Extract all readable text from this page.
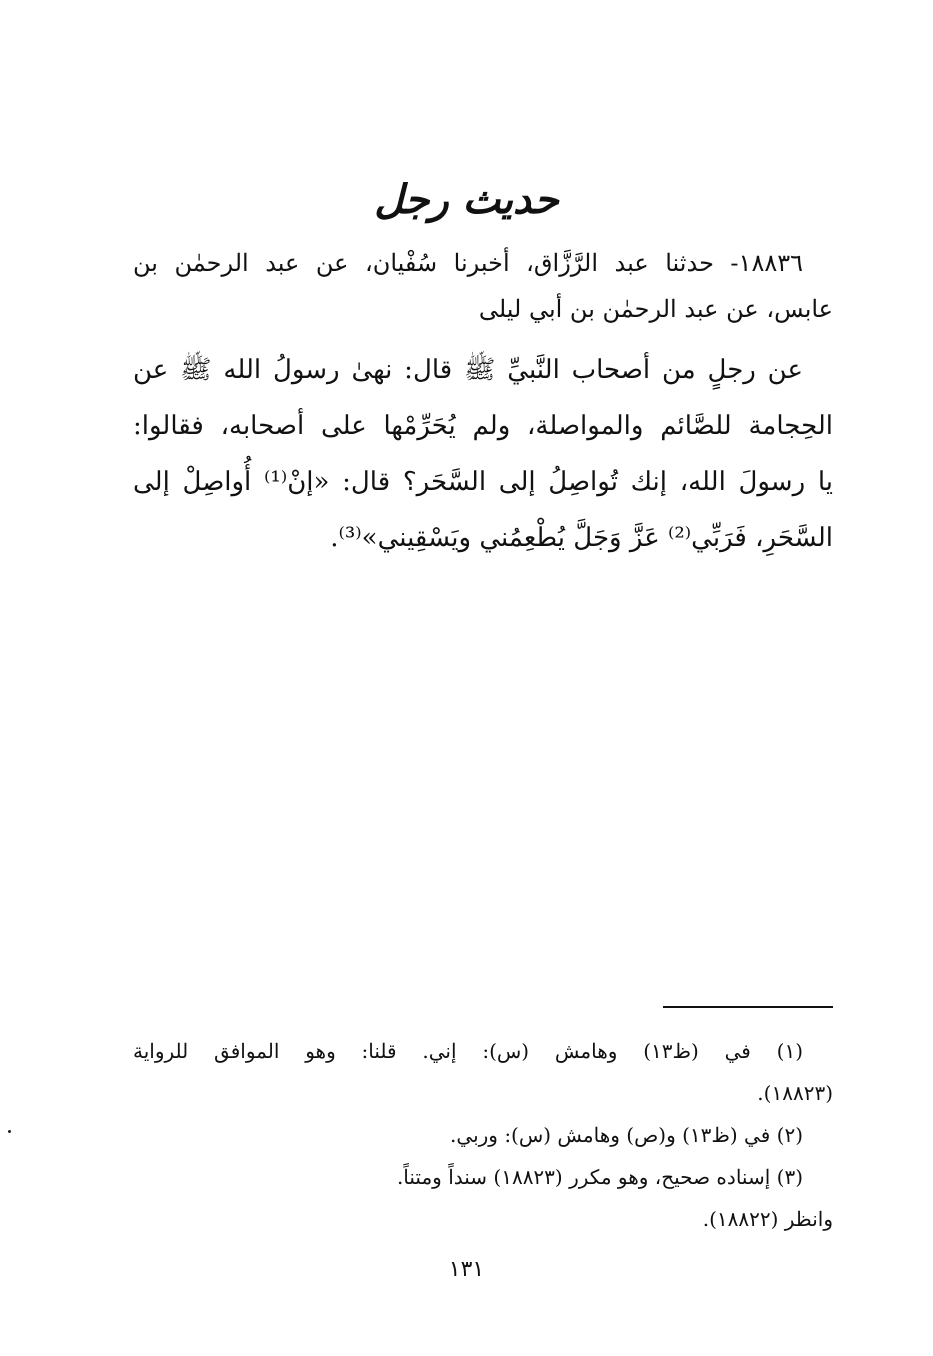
حديث رجل
١٨٨٣٦- حدثنا عبد الرَّزَّاق، أخبرنا سُفْيان، عن عبد الرحمٰن بن
عابس، عن عبد الرحمٰن بن أبي ليلى
عن رجلٍ من أصحاب النَّبيِّ ﷺ قال: نهىٰ رسولُ الله ﷺ عن
الحِجامة للصَّائم والمواصلة، ولم يُحَرِّمْها على أصحابه، فقالوا:
يا رسولَ الله، إنك تُواصِلُ إلى السَّحَر؟ قال: «إنْ⁽¹⁾ أُواصِلْ إلى
السَّحَرِ، فَرَبِّي⁽²⁾ عَزَّ وَجَلَّ يُطْعِمُني ويَسْقِيني»⁽³⁾.
(١) في (ظ١٣) وهامش (س): إني. قلنا: وهو الموافق للرواية
(١٨٨٢٣).
(٢) في (ظ١٣) و(ص) وهامش (س): وربي.
(٣) إسناده صحيح، وهو مكرر (١٨٨٢٣) سنداً ومتناً.
وانظر (١٨٨٢٢).
١٣١
